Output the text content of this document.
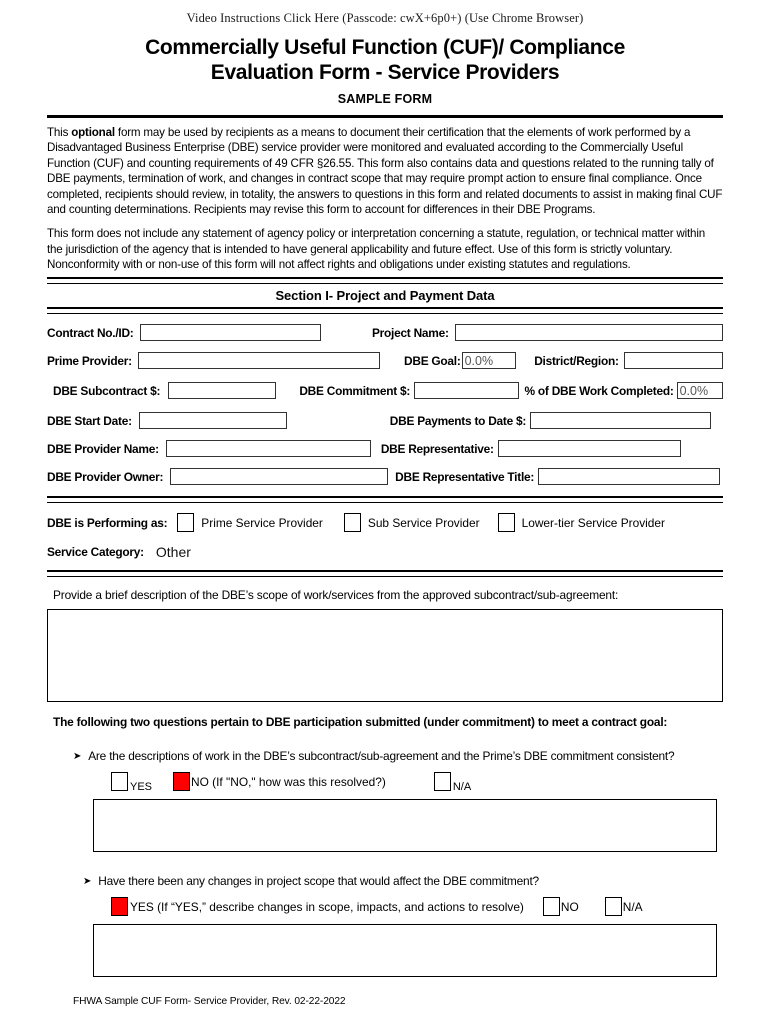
Video Instructions Click Here (Passcode: cwX+6p0+) (Use Chrome Browser)
Commercially Useful Function (CUF)/ Compliance
Evaluation Form - Service Providers
SAMPLE FORM

This optional form may be used by recipients as a means to document their certification that the elements of work performed by a Disadvantaged Business Enterprise (DBE) service provider were monitored and evaluated according to the Commercially Useful Function (CUF) and counting requirements of 49 CFR §26.55. This form also contains data and questions related to the running tally of DBE payments, termination of work, and changes in contract scope that may require prompt action to ensure final compliance. Once completed, recipients should review, in totality, the answers to questions in this form and related documents to assist in making final CUF and counting determinations. Recipients may revise this form to account for differences in their DBE Programs.

This form does not include any statement of agency policy or interpretation concerning a statute, regulation, or technical matter within the jurisdiction of the agency that is intended to have general applicability and future effect. Use of this form is strictly voluntary. Nonconformity with or non-use of this form will not affect rights and obligations under existing statutes and regulations.

Section I- Project and Payment Data
Contract No./ID:	Project Name:
Prime Provider:	DBE Goal: 0.0%	District/Region:
DBE Subcontract $:	DBE Commitment $:	% of DBE Work Completed: 0.0%
DBE Start Date:	DBE Payments to Date $:
DBE Provider Name:	DBE Representative:
DBE Provider Owner:	DBE Representative Title:
DBE is Performing as:	Prime Service Provider	Sub Service Provider	Lower-tier Service Provider
Service Category: Other
Provide a brief description of the DBE’s scope of work/services from the approved subcontract/sub-agreement:
The following two questions pertain to DBE participation submitted (under commitment) to meet a contract goal:
➤ Are the descriptions of work in the DBE’s subcontract/sub-agreement and the Prime’s DBE commitment consistent?
YES	NO (If "NO," how was this resolved?)	N/A
➤ Have there been any changes in project scope that would affect the DBE commitment?
YES (If “YES,” describe changes in scope, impacts, and actions to resolve)	NO	N/A
FHWA Sample CUF Form- Service Provider, Rev. 02-22-2022
